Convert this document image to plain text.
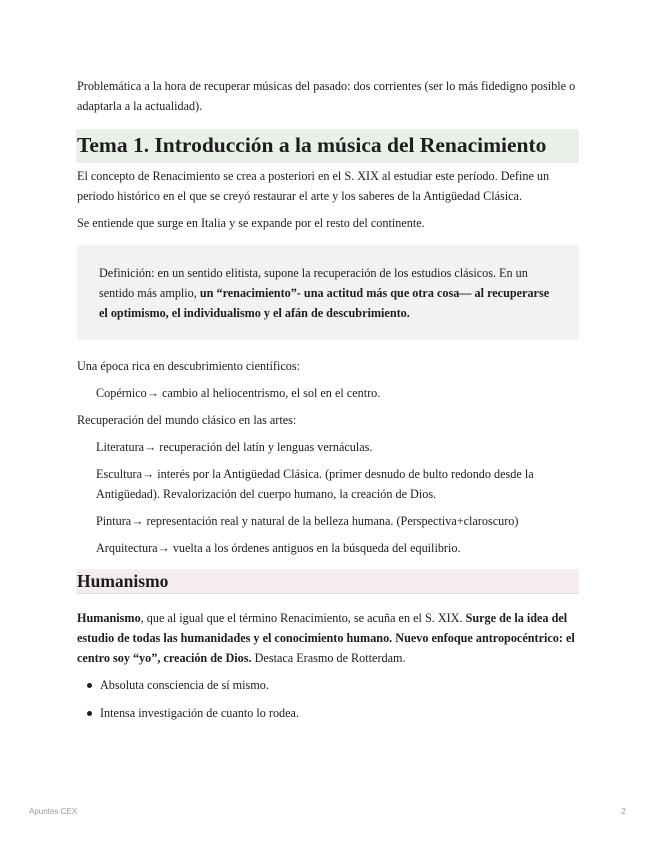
Problemática a la hora de recuperar músicas del pasado: dos corrientes (ser lo más fidedigno posible o adaptarla a la actualidad).

Tema 1. Introducción a la música del Renacimiento

El concepto de Renacimiento se crea a posteriori en el S. XIX al estudiar este período. Define un periodo histórico en el que se creyó restaurar el arte y los saberes de la Antigüedad Clásica.

Se entiende que surge en Italia y se expande por el resto del continente.

Definición: en un sentido elitista, supone la recuperación de los estudios clásicos. En un sentido más amplio, un “renacimiento”- una actitud más que otra cosa— al recuperarse el optimismo, el individualismo y el afán de descubrimiento.

Una época rica en descubrimiento científicos:

Copérnico→ cambio al heliocentrismo, el sol en el centro.

Recuperación del mundo clásico en las artes:

Literatura→ recuperación del latín y lenguas vernáculas.

Escultura→ interés por la Antigüedad Clásica. (primer desnudo de bulto redondo desde la Antigüedad). Revalorización del cuerpo humano, la creación de Dios.

Pintura→ representación real y natural de la belleza humana. (Perspectiva+claroscuro)

Arquitectura→ vuelta a los órdenes antiguos en la búsqueda del equilibrio.

Humanismo

Humanismo, que al igual que el término Renacimiento, se acuña en el S. XIX. Surge de la idea del estudio de todas las humanidades y el conocimiento humano. Nuevo enfoque antropocéntrico: el centro soy “yo”, creación de Dios. Destaca Erasmo de Rotterdam.

Absoluta consciencia de sí mismo.
Intensa investigación de cuanto lo rodea.
Apuntes CEX	2
